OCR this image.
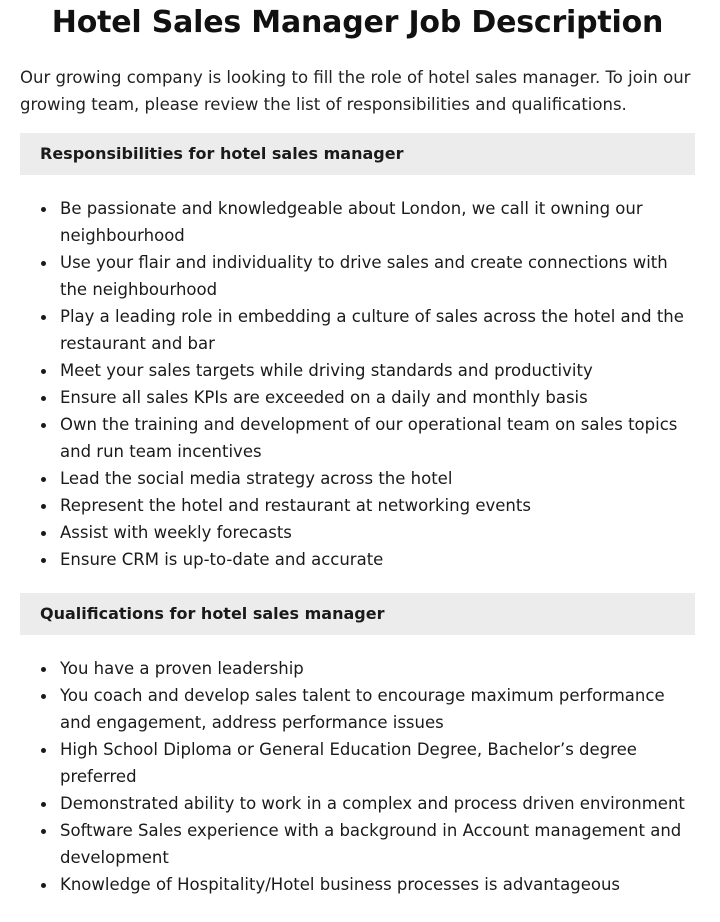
Hotel Sales Manager Job Description

Our growing company is looking to fill the role of hotel sales manager. To join our growing team, please review the list of responsibilities and qualifications.

Responsibilities for hotel sales manager
Be passionate and knowledgeable about London, we call it owning our neighbourhood
Use your flair and individuality to drive sales and create connections with the neighbourhood
Play a leading role in embedding a culture of sales across the hotel and the restaurant and bar
Meet your sales targets while driving standards and productivity
Ensure all sales KPIs are exceeded on a daily and monthly basis
Own the training and development of our operational team on sales topics and run team incentives
Lead the social media strategy across the hotel
Represent the hotel and restaurant at networking events
Assist with weekly forecasts
Ensure CRM is up-to-date and accurate
Qualifications for hotel sales manager
You have a proven leadership
You coach and develop sales talent to encourage maximum performance and engagement, address performance issues
High School Diploma or General Education Degree, Bachelor’s degree preferred
Demonstrated ability to work in a complex and process driven environment
Software Sales experience with a background in Account management and development
Knowledge of Hospitality/Hotel business processes is advantageous
